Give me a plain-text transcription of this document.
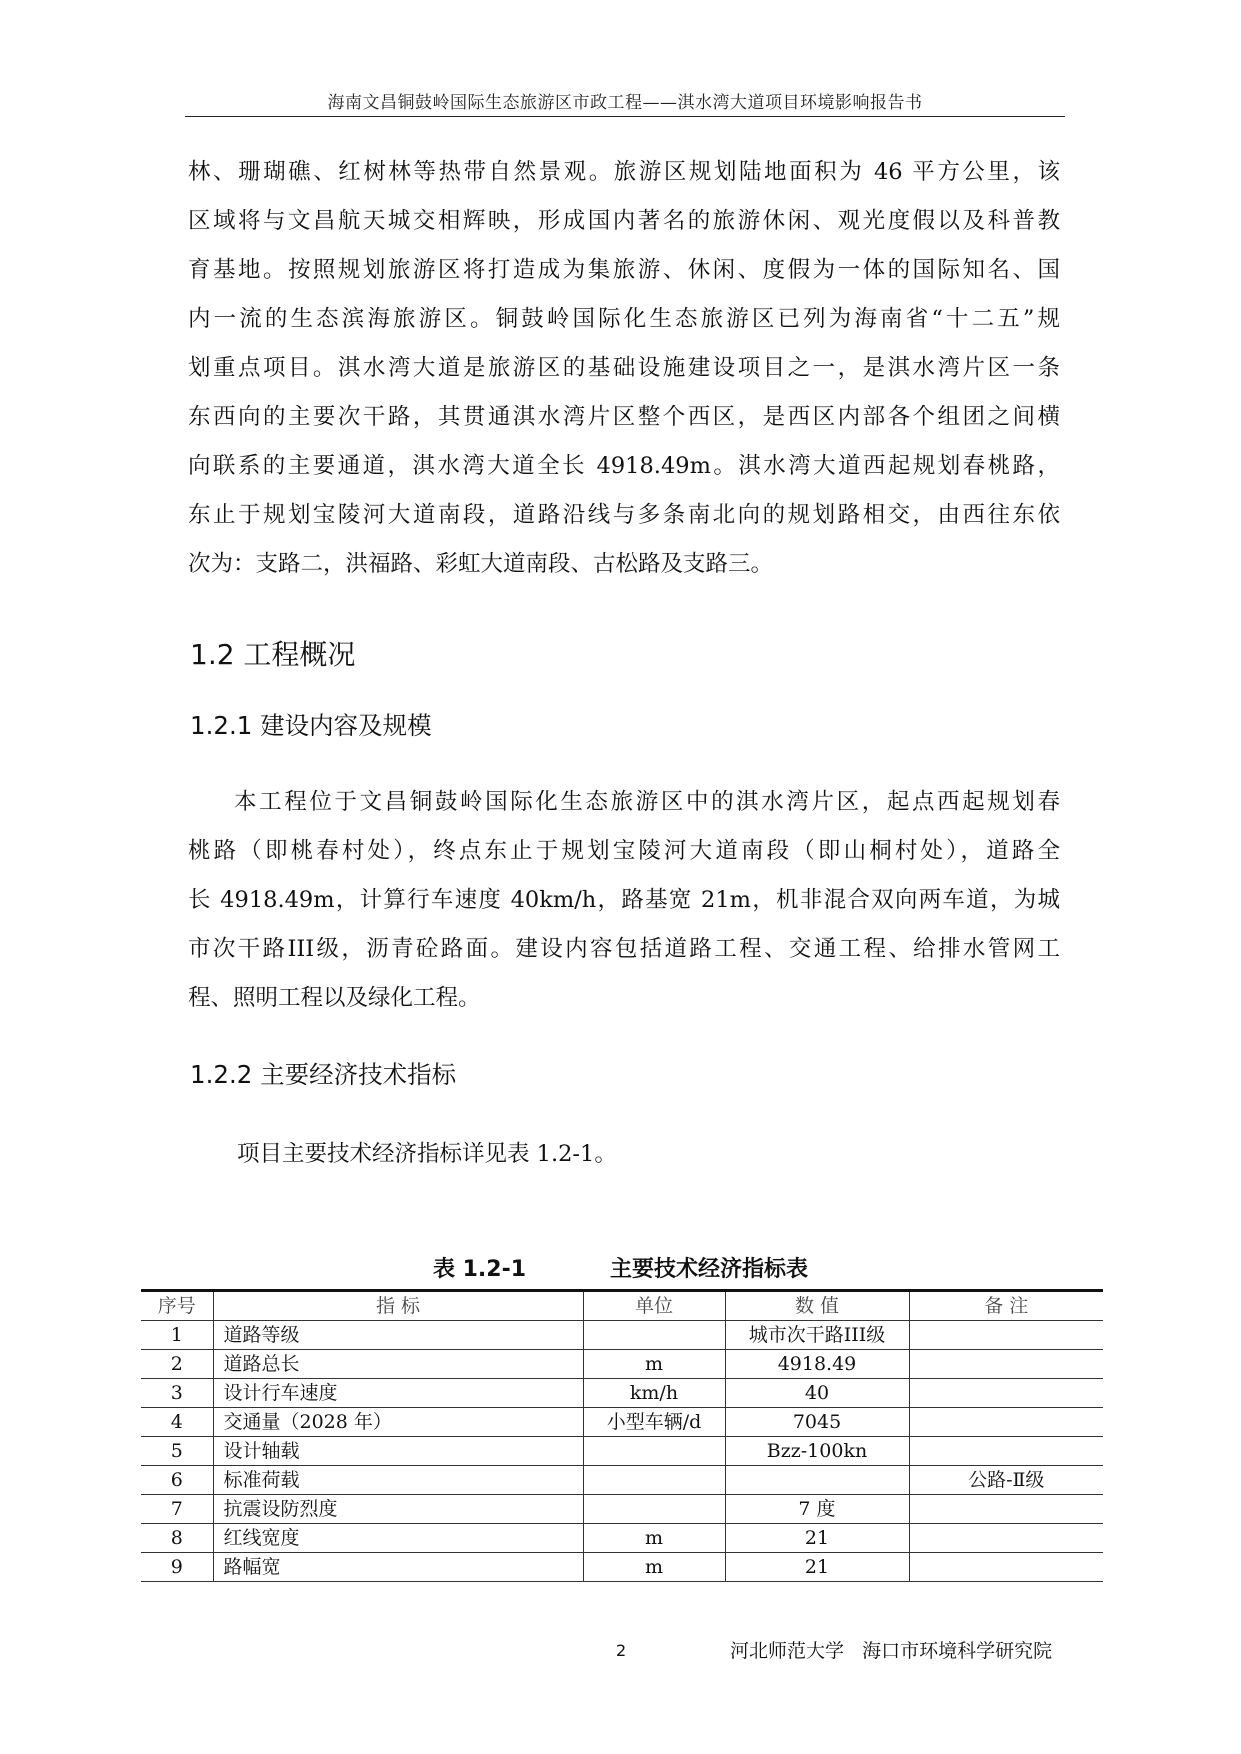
海南文昌铜鼓岭国际生态旅游区市政工程——淇水湾大道项目环境影响报告书
林、珊瑚礁、红树林等热带自然景观。旅游区规划陆地面积为 46 平方公里，该
区域将与文昌航天城交相辉映，形成国内著名的旅游休闲、观光度假以及科普教
育基地。按照规划旅游区将打造成为集旅游、休闲、度假为一体的国际知名、国
内一流的生态滨海旅游区。铜鼓岭国际化生态旅游区已列为海南省“十二五”规
划重点项目。淇水湾大道是旅游区的基础设施建设项目之一，是淇水湾片区一条
东西向的主要次干路，其贯通淇水湾片区整个西区，是西区内部各个组团之间横
向联系的主要通道，淇水湾大道全长 4918.49m。淇水湾大道西起规划春桃路，
东止于规划宝陵河大道南段，道路沿线与多条南北向的规划路相交，由西往东依
次为：支路二，洪福路、彩虹大道南段、古松路及支路三。
1.2 工程概况
1.2.1 建设内容及规模
本工程位于文昌铜鼓岭国际化生态旅游区中的淇水湾片区，起点西起规划春
桃路（即桃春村处），终点东止于规划宝陵河大道南段（即山桐村处），道路全
长 4918.49m，计算行车速度 40km/h，路基宽 21m，机非混合双向两车道，为城
市次干路III级，沥青砼路面。建设内容包括道路工程、交通工程、给排水管网工
程、照明工程以及绿化工程。
1.2.2 主要经济技术指标
项目主要技术经济指标详见表 1.2-1。
表 1.2-1	主要技术经济指标表
序号	指 标	单位	数 值	备 注
1	道路等级		城市次干路III级	
2	道路总长	m	4918.49	
3	设计行车速度	km/h	40	
4	交通量（2028 年）	小型车辆/d	7045	
5	设计轴载		Bzz-100kn	
6	标准荷载			公路-Ⅱ级
7	抗震设防烈度		7 度	
8	红线宽度	m	21	
9	路幅宽	m	21	
2	河北师范大学   海口市环境科学研究院
